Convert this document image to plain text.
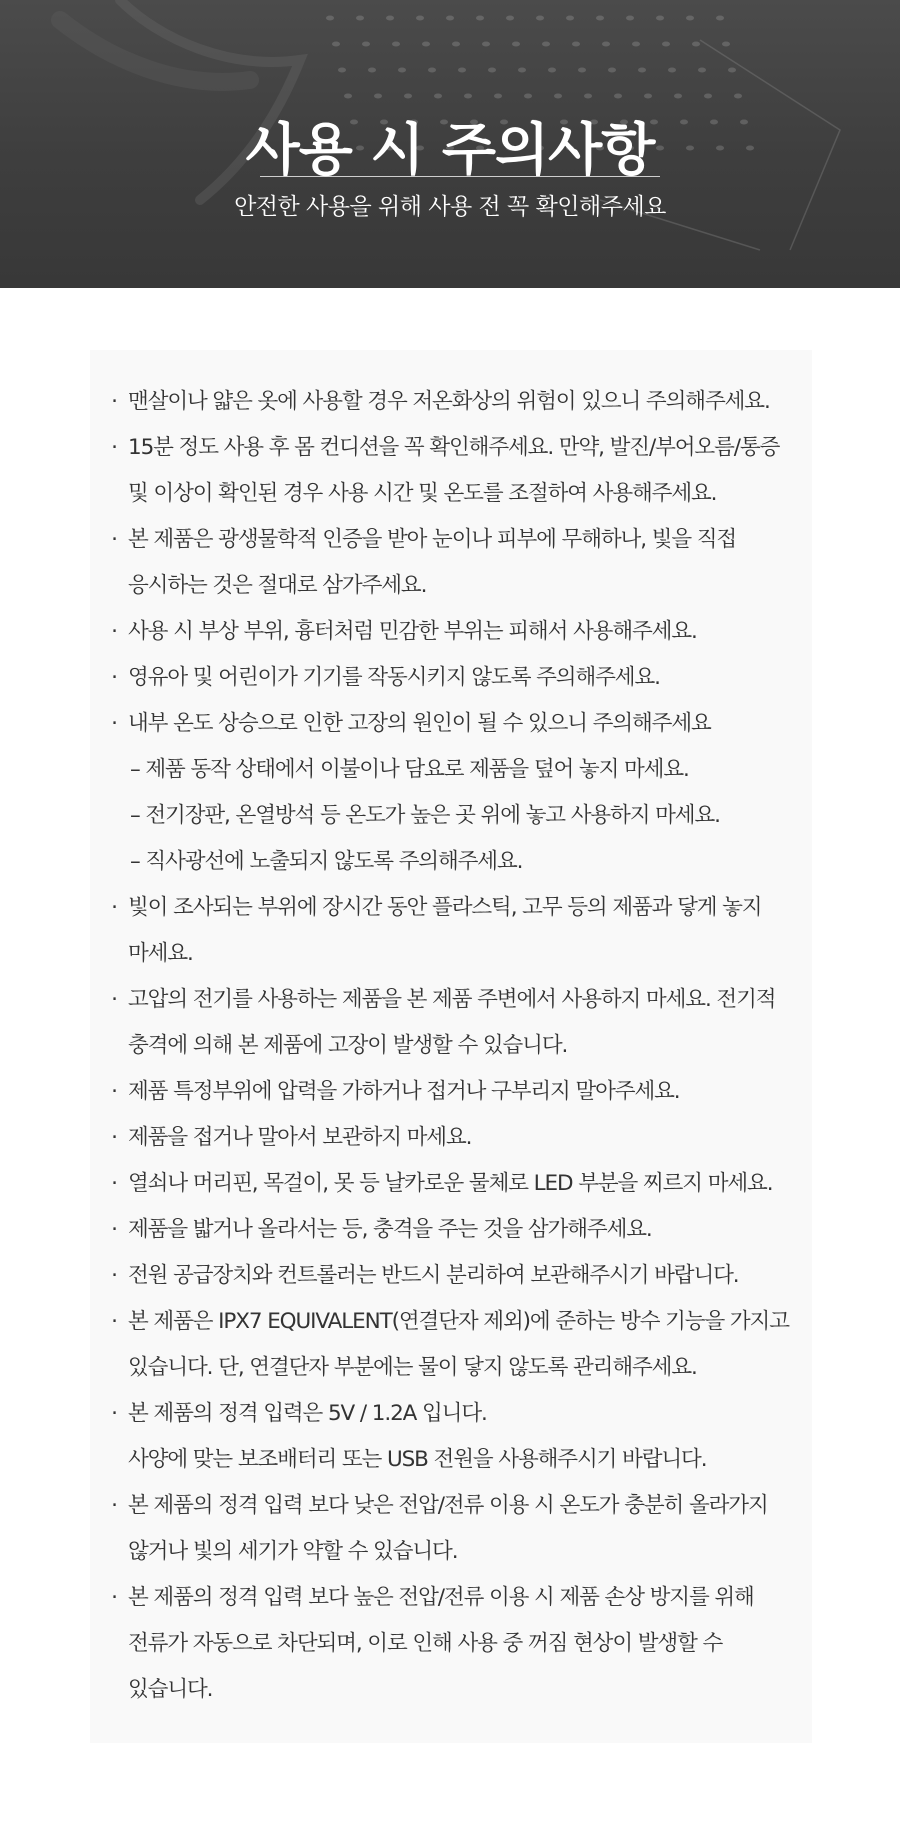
사용 시 주의사항
안전한 사용을 위해 사용 전 꼭 확인해주세요
· 맨살이나 얇은 옷에 사용할 경우 저온화상의 위험이 있으니 주의해주세요.
· 15분 정도 사용 후 몸 컨디션을 꼭 확인해주세요. 만약, 발진/부어오름/통증
및 이상이 확인된 경우 사용 시간 및 온도를 조절하여 사용해주세요.
· 본 제품은 광생물학적 인증을 받아 눈이나 피부에 무해하나, 빛을 직접
응시하는 것은 절대로 삼가주세요.
· 사용 시 부상 부위, 흉터처럼 민감한 부위는 피해서 사용해주세요.
· 영유아 및 어린이가 기기를 작동시키지 않도록 주의해주세요.
· 내부 온도 상승으로 인한 고장의 원인이 될 수 있으니 주의해주세요
– 제품 동작 상태에서 이불이나 담요로 제품을 덮어 놓지 마세요.
– 전기장판, 온열방석 등 온도가 높은 곳 위에 놓고 사용하지 마세요.
– 직사광선에 노출되지 않도록 주의해주세요.
· 빛이 조사되는 부위에 장시간 동안 플라스틱, 고무 등의 제품과 닿게 놓지
마세요.
· 고압의 전기를 사용하는 제품을 본 제품 주변에서 사용하지 마세요. 전기적
충격에 의해 본 제품에 고장이 발생할 수 있습니다.
· 제품 특정부위에 압력을 가하거나 접거나 구부리지 말아주세요.
· 제품을 접거나 말아서 보관하지 마세요.
· 열쇠나 머리핀, 목걸이, 못 등 날카로운 물체로 LED 부분을 찌르지 마세요.
· 제품을 밟거나 올라서는 등, 충격을 주는 것을 삼가해주세요.
· 전원 공급장치와 컨트롤러는 반드시 분리하여 보관해주시기 바랍니다.
· 본 제품은 IPX7 EQUIVALENT(연결단자 제외)에 준하는 방수 기능을 가지고
있습니다. 단, 연결단자 부분에는 물이 닿지 않도록 관리해주세요.
· 본 제품의 정격 입력은 5V / 1.2A 입니다.
사양에 맞는 보조배터리 또는 USB 전원을 사용해주시기 바랍니다.
· 본 제품의 정격 입력 보다 낮은 전압/전류 이용 시 온도가 충분히 올라가지
않거나 빛의 세기가 약할 수 있습니다.
· 본 제품의 정격 입력 보다 높은 전압/전류 이용 시 제품 손상 방지를 위해
전류가 자동으로 차단되며, 이로 인해 사용 중 꺼짐 현상이 발생할 수
있습니다.
